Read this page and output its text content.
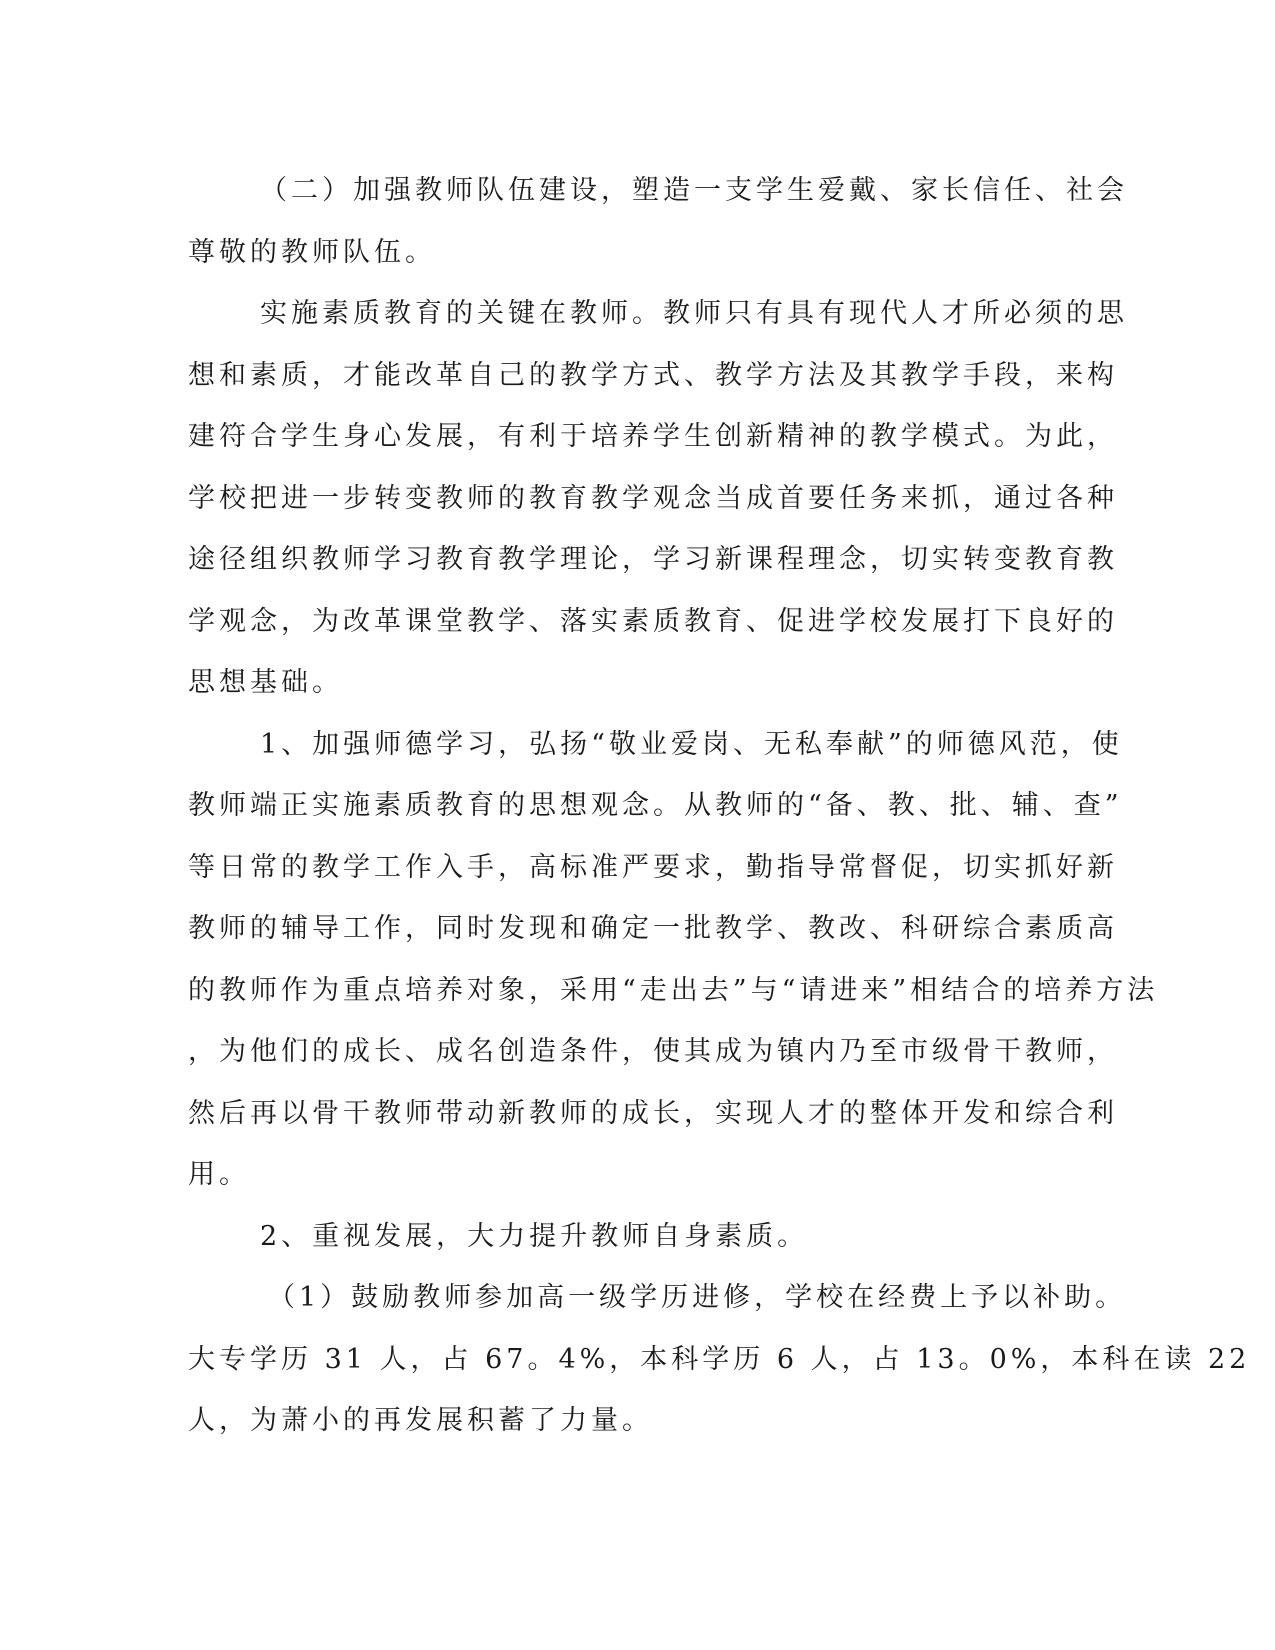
（二）加强教师队伍建设，塑造一支学生爱戴、家长信任、社会
尊敬的教师队伍。
实施素质教育的关键在教师。教师只有具有现代人才所必须的思
想和素质，才能改革自己的教学方式、教学方法及其教学手段，来构
建符合学生身心发展，有利于培养学生创新精神的教学模式。为此，
学校把进一步转变教师的教育教学观念当成首要任务来抓，通过各种
途径组织教师学习教育教学理论，学习新课程理念，切实转变教育教
学观念，为改革课堂教学、落实素质教育、促进学校发展打下良好的
思想基础。
1、加强师德学习，弘扬“敬业爱岗、无私奉献”的师德风范，使
教师端正实施素质教育的思想观念。从教师的“备、教、批、辅、查”
等日常的教学工作入手，高标准严要求，勤指导常督促，切实抓好新
教师的辅导工作，同时发现和确定一批教学、教改、科研综合素质高
的教师作为重点培养对象，采用“走出去”与“请进来”相结合的培养方法
，为他们的成长、成名创造条件，使其成为镇内乃至市级骨干教师，
然后再以骨干教师带动新教师的成长，实现人才的整体开发和综合利
用。
2、重视发展，大力提升教师自身素质。
（1）鼓励教师参加高一级学历进修，学校在经费上予以补助。
大专学历 31 人，占 67。4%，本科学历 6 人，占 13。0%，本科在读 22
人，为萧小的再发展积蓄了力量。
